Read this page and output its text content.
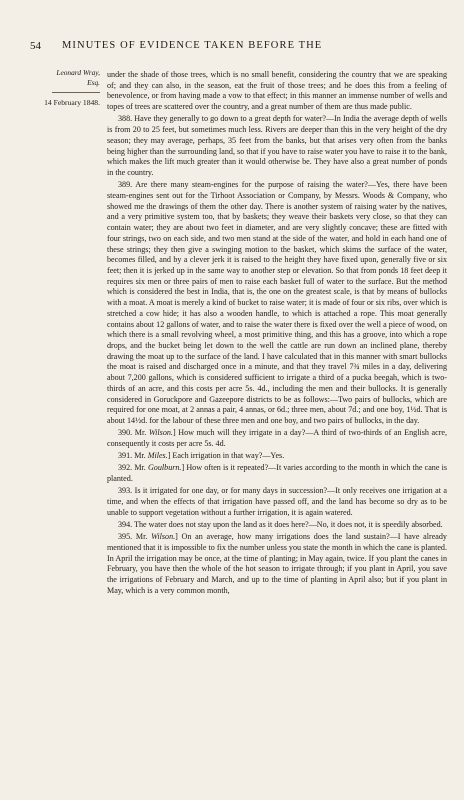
54 MINUTES OF EVIDENCE TAKEN BEFORE THE
Leonard Wray,
Esq.
14 February 1848.

under the shade of those trees, which is no small benefit, considering the country that we are speaking of; and they can also, in the season, eat the fruit of those trees; and he does this from a feeling of benevolence, or from having made a vow to that effect; in this manner an immense number of wells and topes of trees are scattered over the country, and a great number of them are thus made public.

388. Have they generally to go down to a great depth for water?—In India the average depth of wells is from 20 to 25 feet, but sometimes much less. Rivers are deeper than this in the very height of the dry season; they may average, perhaps, 35 feet from the banks, but that arises very often from the banks being higher than the surrounding land, so that if you have to raise water you have to raise it to the bank, which makes the lift much greater than it would otherwise be. They have also a great number of ponds in the country.

389. Are there many steam-engines for the purpose of raising the water?—Yes, there have been steam-engines sent out for the Tirhoot Association or Company, by Messrs. Woods & Company, who showed me the drawings of them the other day. There is another system of raising water by the natives, and a very primitive system too, that by baskets; they weave their baskets very close, so that they can contain water; they are about two feet in diameter, and are very slightly concave; these are fitted with four strings, two on each side, and two men stand at the side of the water, and hold in each hand one of these strings; they then give a swinging motion to the basket, which skims the surface of the water, becomes filled, and by a clever jerk it is raised to the height they have fixed upon, generally five or six feet; then it is jerked up in the same way to another step or elevation. So that from ponds 18 feet deep it requires six men or three pairs of men to raise each basket full of water to the surface. But the method which is considered the best in India, that is, the one on the greatest scale, is that by means of bullocks with a moat. A moat is merely a kind of bucket to raise water; it is made of four or six ribs, over which is stretched a cow hide; it has also a wooden handle, to which is attached a rope. This moat generally contains about 12 gallons of water, and to raise the water there is fixed over the well a piece of wood, on which there is a small revolving wheel, a most primitive thing, and this has a groove, into which a rope drops, and the bucket being let down to the well the cattle are run down an inclined plane, thereby drawing the moat up to the surface of the land. I have calculated that in this manner with smart bullocks the moat is raised and discharged once in a minute, and that they travel 7¾ miles in a day, delivering about 7,200 gallons, which is considered sufficient to irrigate a third of a pucka beegah, which is two-thirds of an acre, and this costs per acre 5s. 4d., including the men and their bullocks. It is generally considered in Goruckpore and Gazeepore districts to be as follows:—Two pairs of bullocks, which are required for one moat, at 2 annas a pair, 4 annas, or 6d.; three men, about 7d.; and one boy, 1½d. That is about 14½d. for the labour of these three men and one boy, and two pairs of bullocks, in the day.

390. Mr. Wilson.] How much will they irrigate in a day?—A third of two-thirds of an English acre, consequently it costs per acre 5s. 4d.

391. Mr. Miles.] Each irrigation in that way?—Yes.

392. Mr. Goulburn.] How often is it repeated?—It varies according to the month in which the cane is planted.

393. Is it irrigated for one day, or for many days in succession?—It only receives one irrigation at a time, and when the effects of that irrigation have passed off, and the land has become so dry as to be unable to support vegetation without a further irrigation, it is again watered.

394. The water does not stay upon the land as it does here?—No, it does not, it is speedily absorbed.

395. Mr. Wilson.] On an average, how many irrigations does the land sustain?—I have already mentioned that it is impossible to fix the number unless you state the month in which the cane is planted. In April the irrigation may be once, at the time of planting; in May again, twice. If you plant the canes in February, you have then the whole of the hot season to irrigate through; if you plant in April, you save the irrigations of February and March, and up to the time of planting in April also; but if you plant in May, which is a very common month,
